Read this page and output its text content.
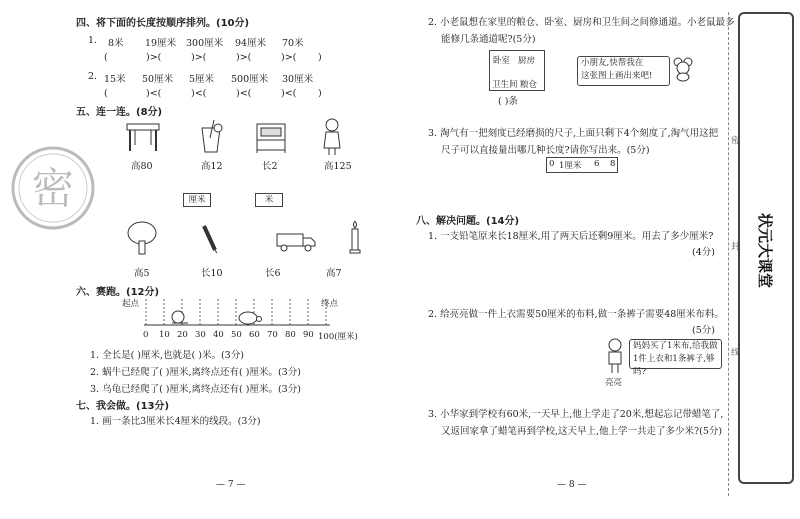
四、将下面的长度按顺序排列。(10分)
1. 8米 19厘米 300厘米 94厘米 70米
(	)>(	)>(	)>(	)>( )
2. 15米 50厘米 5厘米 500厘米 30厘米
(	)<(	)<(	)<(	)<( )
五、连一连。(8分)
密	高80	高12	长2	高125
厘米	米
高5	长10	长6	高7
六、赛跑。(12分)
起点	终点
0 10 20 30 40 50 60 70 80 90 100(厘米)
1. 全长是( )厘米,也就是( )米。(3分)
2. 蜗牛已经爬了( )厘米,离终点还有( )厘米。(3分)
3. 乌龟已经爬了( )厘米,离终点还有( )厘米。(3分)
七、我会做。(13分)
1. 画一条比3厘米长4厘米的线段。(3分)
— 7 —
2. 小老鼠想在家里的粮仓、卧室、厨房和卫生间之间修通道。小老鼠最多
能修几条通道呢?(5分)
卧室 厨房
卫生间 粮仓
( )条
小朋友,快帮我在
这张图上画出来吧!
3. 淘气有一把刻度已经磨损的尺子,上面只剩下4个刻度了,淘气用这把
尺子可以直接量出哪几种长度?请你写出来。(5分)
0 1厘米 6 8
八、解决问题。(14分)
1. 一支铅笔原来长18厘米,用了两天后还剩9厘米。用去了多少厘米?
(4分)
2. 给亮亮做一件上衣需要50厘米的布料,做一条裤子需要48厘米布料。
(5分)
妈妈买了1米布,给我做
1件上衣和1条裤子,够吗?
亮亮
3. 小华家到学校有60米,一天早上,他上学走了20米,想起忘记带蜡笔了,
又返回家拿了蜡笔再到学校,这天早上,他上学一共走了多少米?(5分)
— 8 —
密
封
线
状元大课堂
